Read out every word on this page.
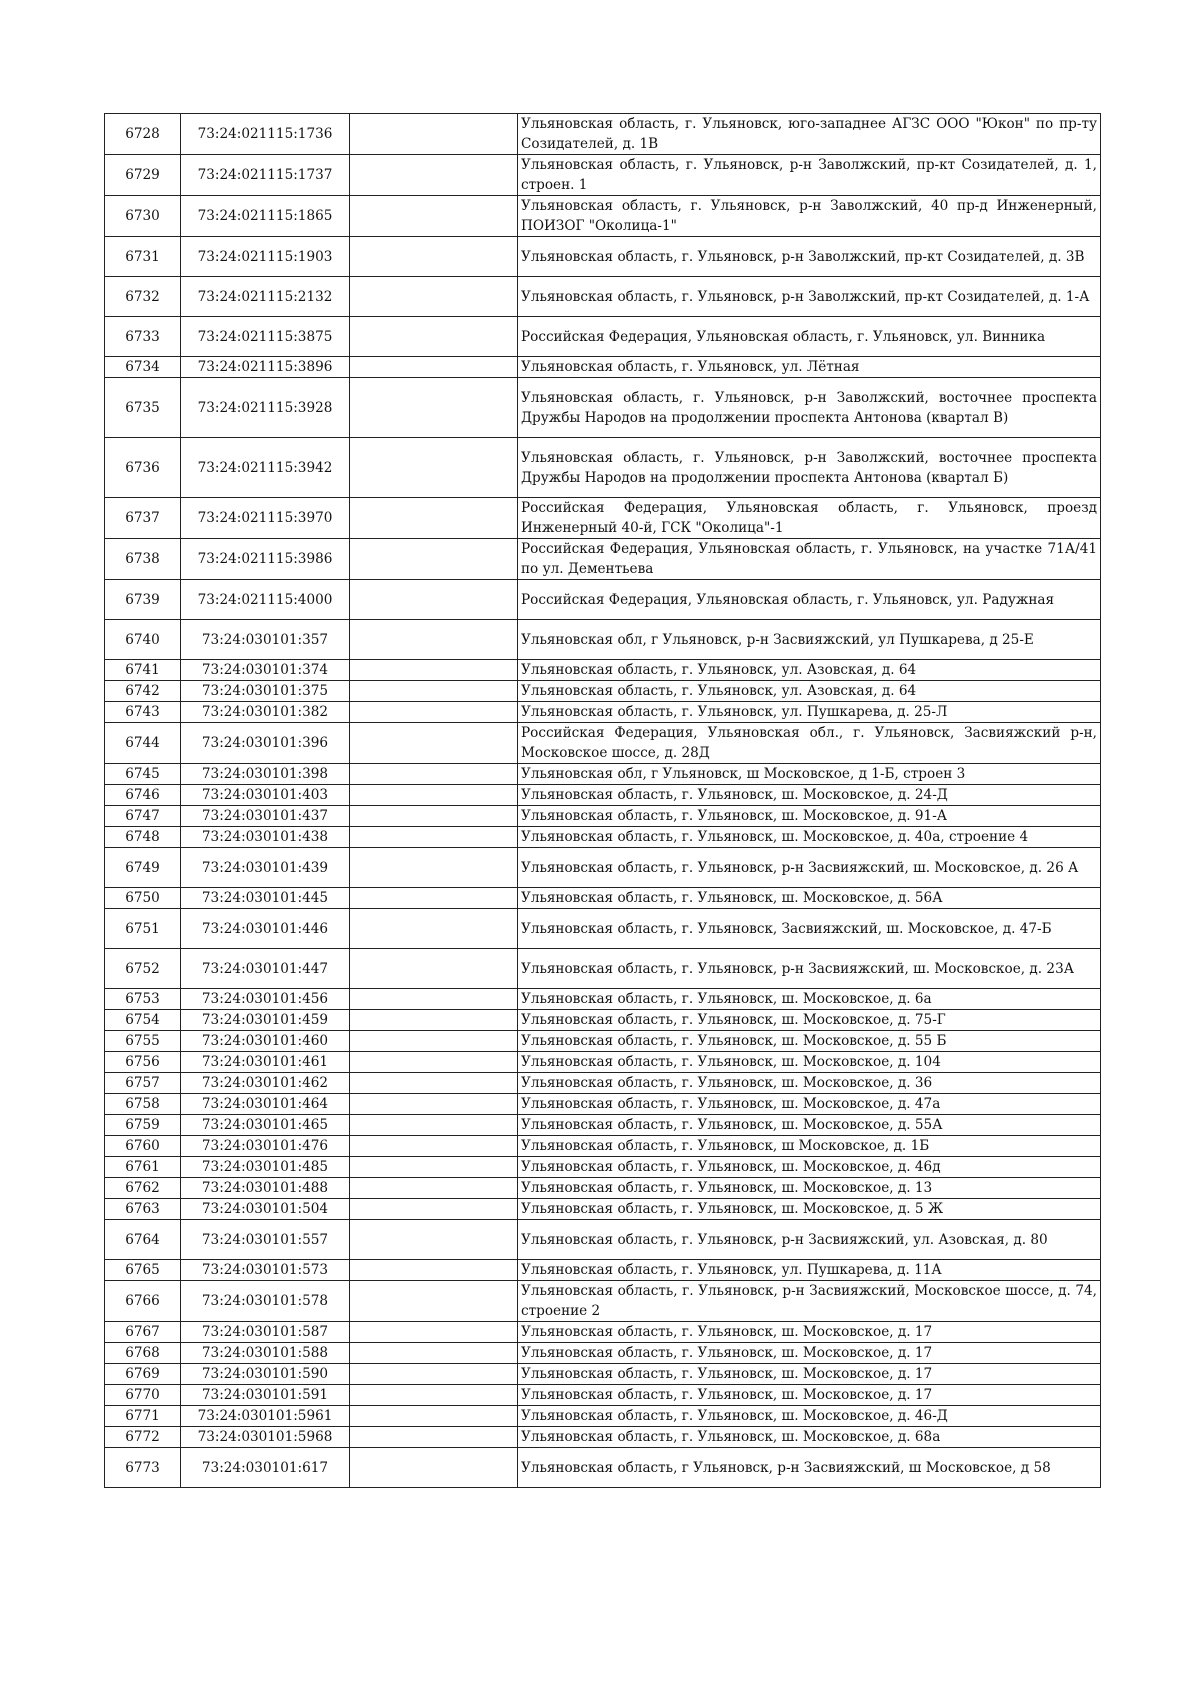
6728	73:24:021115:1736		Ульяновская область, г. Ульяновск, юго-западнее АГЗС ООО "Юкон" по пр-ту Созидателей, д. 1В
6729	73:24:021115:1737		Ульяновская область, г. Ульяновск, р-н Заволжский, пр-кт Созидателей, д. 1, строен. 1
6730	73:24:021115:1865		Ульяновская область, г. Ульяновск, р-н Заволжский, 40 пр-д Инженерный, ПОИЗОГ "Околица-1"
6731	73:24:021115:1903		Ульяновская область, г. Ульяновск, р-н Заволжский, пр-кт Созидателей, д. 3В
6732	73:24:021115:2132		Ульяновская область, г. Ульяновск, р-н Заволжский, пр-кт Созидателей, д. 1-А
6733	73:24:021115:3875		Российская Федерация, Ульяновская область, г. Ульяновск, ул. Винника
6734	73:24:021115:3896		Ульяновская область, г. Ульяновск, ул. Лётная
6735	73:24:021115:3928		Ульяновская область, г. Ульяновск, р-н Заволжский, восточнее проспекта Дружбы Народов на продолжении проспекта Антонова (квартал В)
6736	73:24:021115:3942		Ульяновская область, г. Ульяновск, р-н Заволжский, восточнее проспекта Дружбы Народов на продолжении проспекта Антонова (квартал Б)
6737	73:24:021115:3970		Российская Федерация, Ульяновская область, г. Ульяновск, проезд Инженерный 40-й, ГСК "Околица"-1
6738	73:24:021115:3986		Российская Федерация, Ульяновская область, г. Ульяновск, на участке 71А/41 по ул. Дементьева
6739	73:24:021115:4000		Российская Федерация, Ульяновская область, г. Ульяновск, ул. Радужная
6740	73:24:030101:357		Ульяновская обл, г Ульяновск, р-н Засвияжский, ул Пушкарева, д 25-Е
6741	73:24:030101:374		Ульяновская область, г. Ульяновск, ул. Азовская, д. 64
6742	73:24:030101:375		Ульяновская область, г. Ульяновск, ул. Азовская, д. 64
6743	73:24:030101:382		Ульяновская область, г. Ульяновск, ул. Пушкарева, д. 25-Л
6744	73:24:030101:396		Российская Федерация, Ульяновская обл., г. Ульяновск, Засвияжский р-н, Московское шоссе, д. 28Д
6745	73:24:030101:398		Ульяновская обл, г Ульяновск, ш Московское, д 1-Б, строен 3
6746	73:24:030101:403		Ульяновская область, г. Ульяновск, ш. Московское, д. 24-Д
6747	73:24:030101:437		Ульяновская область, г. Ульяновск, ш. Московское, д. 91-А
6748	73:24:030101:438		Ульяновская область, г. Ульяновск, ш. Московское, д. 40а, строение 4
6749	73:24:030101:439		Ульяновская область, г. Ульяновск, р-н Засвияжский, ш. Московское, д. 26 А
6750	73:24:030101:445		Ульяновская область, г. Ульяновск, ш. Московское, д. 56А
6751	73:24:030101:446		Ульяновская область, г. Ульяновск, Засвияжский, ш. Московское, д. 47-Б
6752	73:24:030101:447		Ульяновская область, г. Ульяновск, р-н Засвияжский, ш. Московское, д. 23А
6753	73:24:030101:456		Ульяновская область, г. Ульяновск, ш. Московское, д. 6а
6754	73:24:030101:459		Ульяновская область, г. Ульяновск, ш. Московское, д. 75-Г
6755	73:24:030101:460		Ульяновская область, г. Ульяновск, ш. Московское, д. 55 Б
6756	73:24:030101:461		Ульяновская область, г. Ульяновск, ш. Московское, д. 104
6757	73:24:030101:462		Ульяновская область, г. Ульяновск, ш. Московское, д. 36
6758	73:24:030101:464		Ульяновская область, г. Ульяновск, ш. Московское, д. 47а
6759	73:24:030101:465		Ульяновская область, г. Ульяновск, ш. Московское, д. 55А
6760	73:24:030101:476		Ульяновская область, г. Ульяновск, ш Московское, д. 1Б
6761	73:24:030101:485		Ульяновская область, г. Ульяновск, ш. Московское, д. 46д
6762	73:24:030101:488		Ульяновская область, г. Ульяновск, ш. Московское, д. 13
6763	73:24:030101:504		Ульяновская область, г. Ульяновск, ш. Московское, д. 5 Ж
6764	73:24:030101:557		Ульяновская область, г. Ульяновск, р-н Засвияжский, ул. Азовская, д. 80
6765	73:24:030101:573		Ульяновская область, г. Ульяновск, ул. Пушкарева, д. 11А
6766	73:24:030101:578		Ульяновская область, г. Ульяновск, р-н Засвияжский, Московское шоссе, д. 74, строение 2
6767	73:24:030101:587		Ульяновская область, г. Ульяновск, ш. Московское, д. 17
6768	73:24:030101:588		Ульяновская область, г. Ульяновск, ш. Московское, д. 17
6769	73:24:030101:590		Ульяновская область, г. Ульяновск, ш. Московское, д. 17
6770	73:24:030101:591		Ульяновская область, г. Ульяновск, ш. Московское, д. 17
6771	73:24:030101:5961		Ульяновская область, г. Ульяновск, ш. Московское, д. 46-Д
6772	73:24:030101:5968		Ульяновская область, г. Ульяновск, ш. Московское, д. 68а
6773	73:24:030101:617		Ульяновская область, г Ульяновск, р-н Засвияжский, ш Московское, д 58
